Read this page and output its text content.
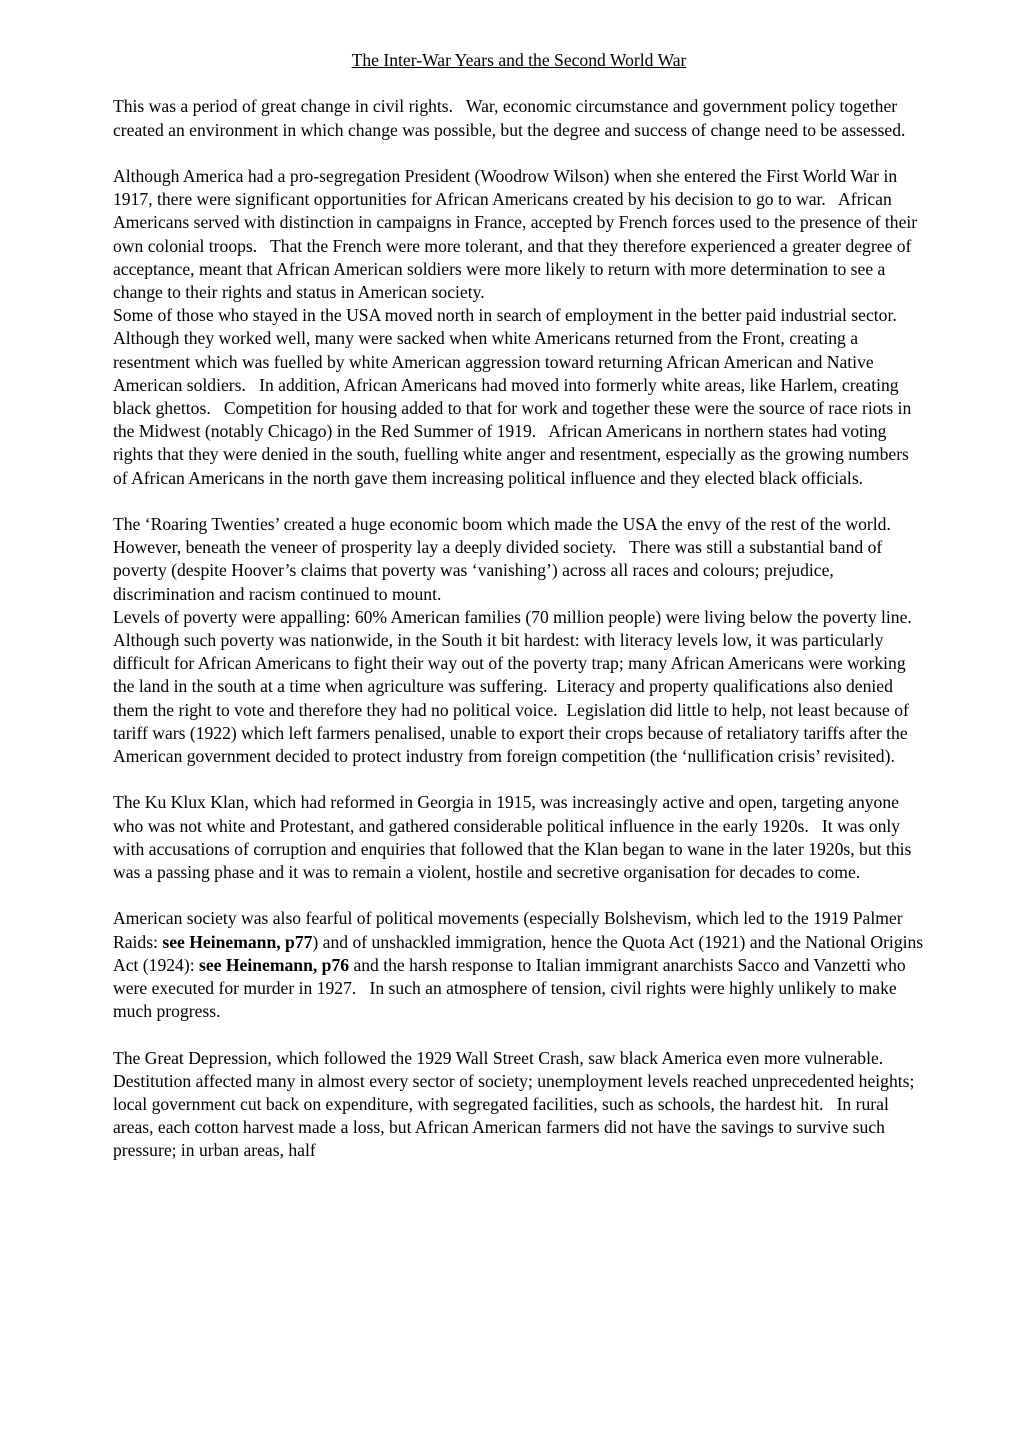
The Inter-War Years and the Second World War

This was a period of great change in civil rights.   War, economic circumstance and government policy together created an environment in which change was possible, but the degree and success of change need to be assessed.

Although America had a pro-segregation President (Woodrow Wilson) when she entered the First World War in 1917, there were significant opportunities for African Americans created by his decision to go to war.   African Americans served with distinction in campaigns in France, accepted by French forces used to the presence of their own colonial troops.   That the French were more tolerant, and that they therefore experienced a greater degree of acceptance, meant that African American soldiers were more likely to return with more determination to see a change to their rights and status in American society.

Some of those who stayed in the USA moved north in search of employment in the better paid industrial sector.   Although they worked well, many were sacked when white Americans returned from the Front, creating a resentment which was fuelled by white American aggression toward returning African American and Native American soldiers.   In addition, African Americans had moved into formerly white areas, like Harlem, creating black ghettos.   Competition for housing added to that for work and together these were the source of race riots in the Midwest (notably Chicago) in the Red Summer of 1919.   African Americans in northern states had voting rights that they were denied in the south, fuelling white anger and resentment, especially as the growing numbers of African Americans in the north gave them increasing political influence and they elected black officials.

The ‘Roaring Twenties’ created a huge economic boom which made the USA the envy of the rest of the world.   However, beneath the veneer of prosperity lay a deeply divided society.   There was still a substantial band of poverty (despite Hoover’s claims that poverty was ‘vanishing’) across all races and colours; prejudice, discrimination and racism continued to mount.

Levels of poverty were appalling: 60% American families (70 million people) were living below the poverty line.   Although such poverty was nationwide, in the South it bit hardest: with literacy levels low, it was particularly difficult for African Americans to fight their way out of the poverty trap; many African Americans were working the land in the south at a time when agriculture was suffering.  Literacy and property qualifications also denied them the right to vote and therefore they had no political voice.  Legislation did little to help, not least because of tariff wars (1922) which left farmers penalised, unable to export their crops because of retaliatory tariffs after the American government decided to protect industry from foreign competition (the ‘nullification crisis’ revisited).

The Ku Klux Klan, which had reformed in Georgia in 1915, was increasingly active and open, targeting anyone who was not white and Protestant, and gathered considerable political influence in the early 1920s.   It was only with accusations of corruption and enquiries that followed that the Klan began to wane in the later 1920s, but this was a passing phase and it was to remain a violent, hostile and secretive organisation for decades to come.

American society was also fearful of political movements (especially Bolshevism, which led to the 1919 Palmer Raids: see Heinemann, p77) and of unshackled immigration, hence the Quota Act (1921) and the National Origins Act (1924): see Heinemann, p76 and the harsh response to Italian immigrant anarchists Sacco and Vanzetti who were executed for murder in 1927.   In such an atmosphere of tension, civil rights were highly unlikely to make much progress.

The Great Depression, which followed the 1929 Wall Street Crash, saw black America even more vulnerable.   Destitution affected many in almost every sector of society; unemployment levels reached unprecedented heights; local government cut back on expenditure, with segregated facilities, such as schools, the hardest hit.   In rural areas, each cotton harvest made a loss, but African American farmers did not have the savings to survive such pressure; in urban areas, half
